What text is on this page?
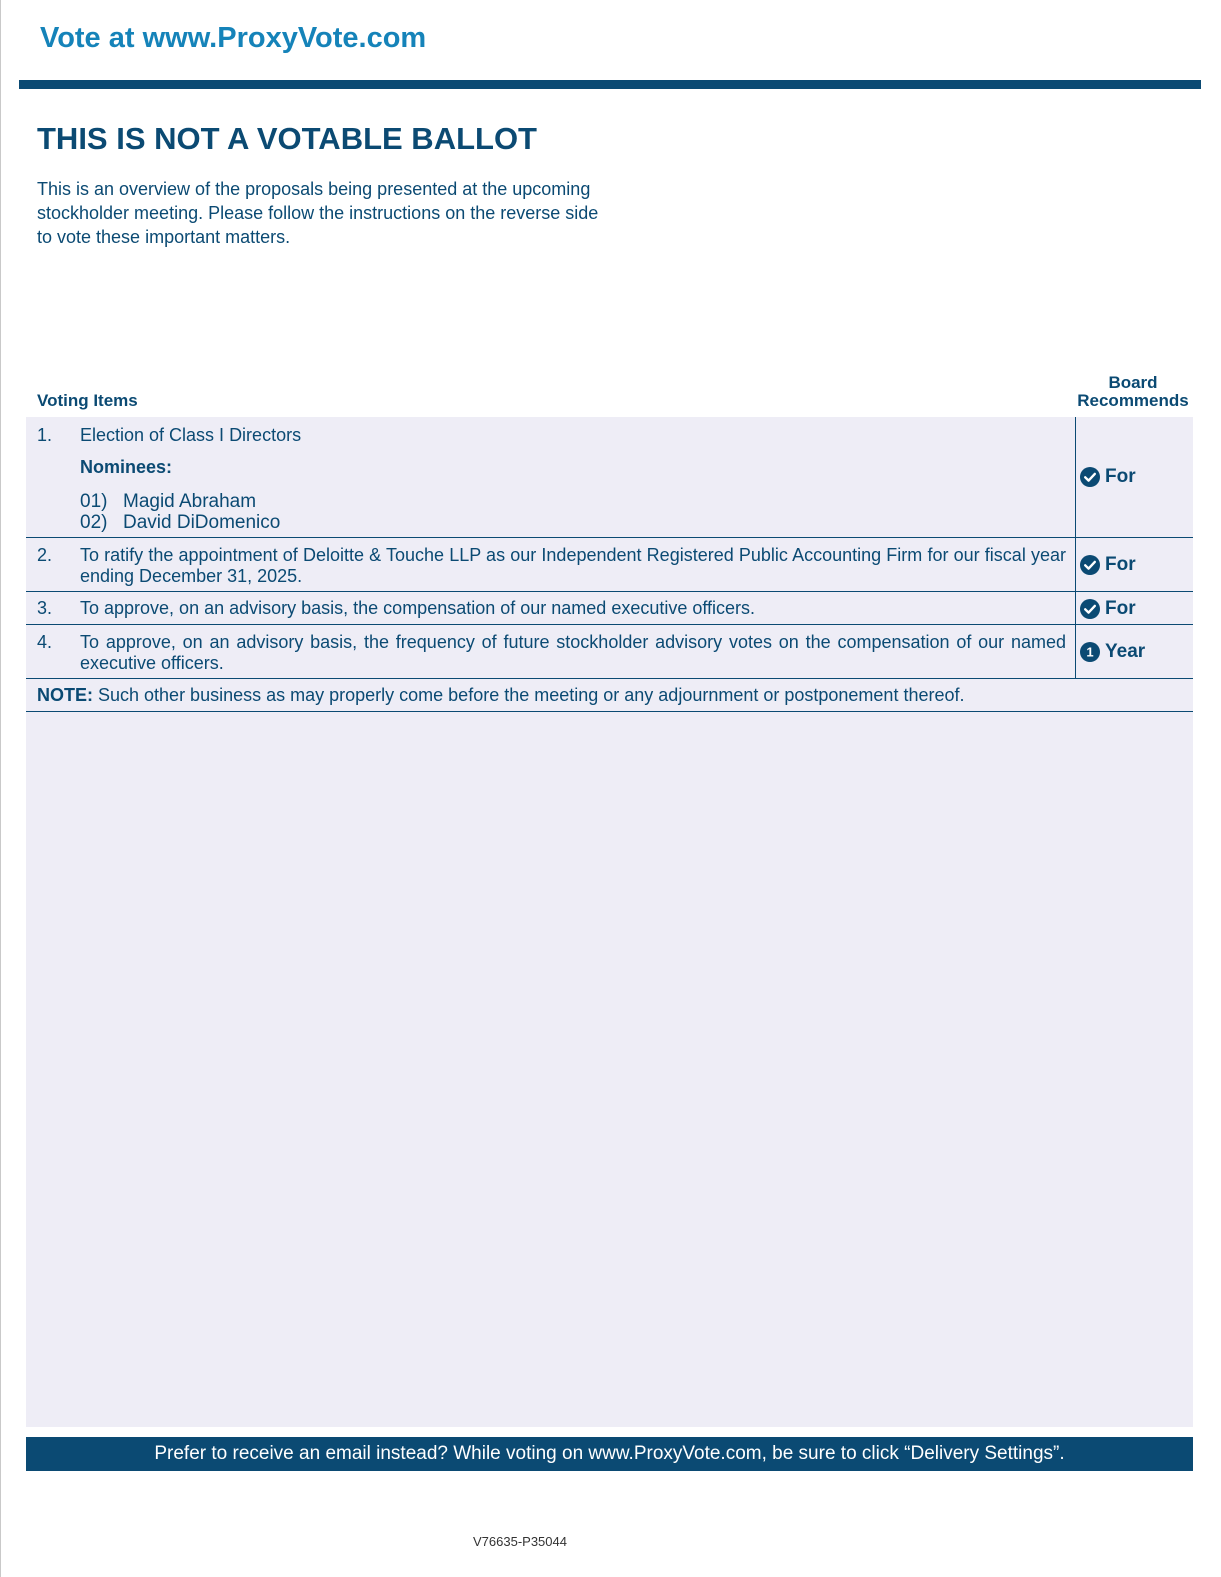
Vote at www.ProxyVote.com
THIS IS NOT A VOTABLE BALLOT
This is an overview of the proposals being presented at the upcoming stockholder meeting. Please follow the instructions on the reverse side to vote these important matters.
Voting Items
Board
Recommends
1. Election of Class I Directors
Nominees:
01) Magid Abraham
02) David DiDomenico
For
2. To ratify the appointment of Deloitte & Touche LLP as our Independent Registered Public Accounting Firm for our fiscal year ending December 31, 2025.
For
3. To approve, on an advisory basis, the compensation of our named executive officers.	For
4. To approve, on an advisory basis, the frequency of future stockholder advisory votes on the compensation of our named executive officers.
1 Year
NOTE: Such other business as may properly come before the meeting or any adjournment or postponement thereof.
Prefer to receive an email instead? While voting on www.ProxyVote.com, be sure to click “Delivery Settings”.
V76635-P35044
